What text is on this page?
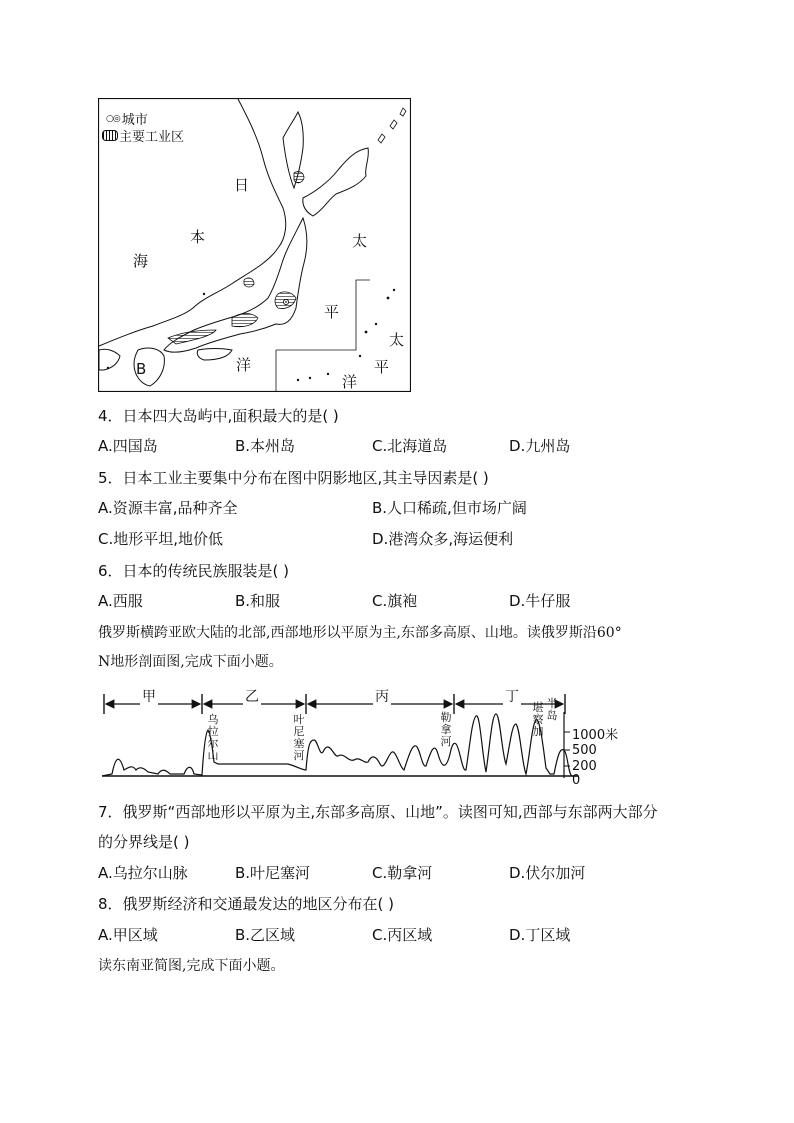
○◎ 城市
主要工业区
日
本
海
太
平
洋
太
平
洋
B
4．日本四大岛屿中,面积最大的是( )
A.四国岛	B.本州岛	C.北海道岛	D.九州岛
5．日本工业主要集中分布在图中阴影地区,其主导因素是( )
A.资源丰富,品种齐全	B.人口稀疏,但市场广阔
C.地形平坦,地价低	D.港湾众多,海运便利
6．日本的传统民族服装是( )
A.西服	B.和服	C.旗袍	D.牛仔服
俄罗斯横跨亚欧大陆的北部,西部地形以平原为主,东部多高原、山地。读俄罗斯沿60°
N地形剖面图,完成下面小题。
甲	乙	丙	丁
乌
拉
尔
山
叶
尼
塞
河
勒
拿
河
堪
察
加
半
岛
1000米
500
200
0
7．俄罗斯“西部地形以平原为主,东部多高原、山地”。读图可知,西部与东部两大部分
的分界线是( )
A.乌拉尔山脉	B.叶尼塞河	C.勒拿河	D.伏尔加河
8．俄罗斯经济和交通最发达的地区分布在( )
A.甲区域	B.乙区域	C.丙区域	D.丁区域
读东南亚简图,完成下面小题。
